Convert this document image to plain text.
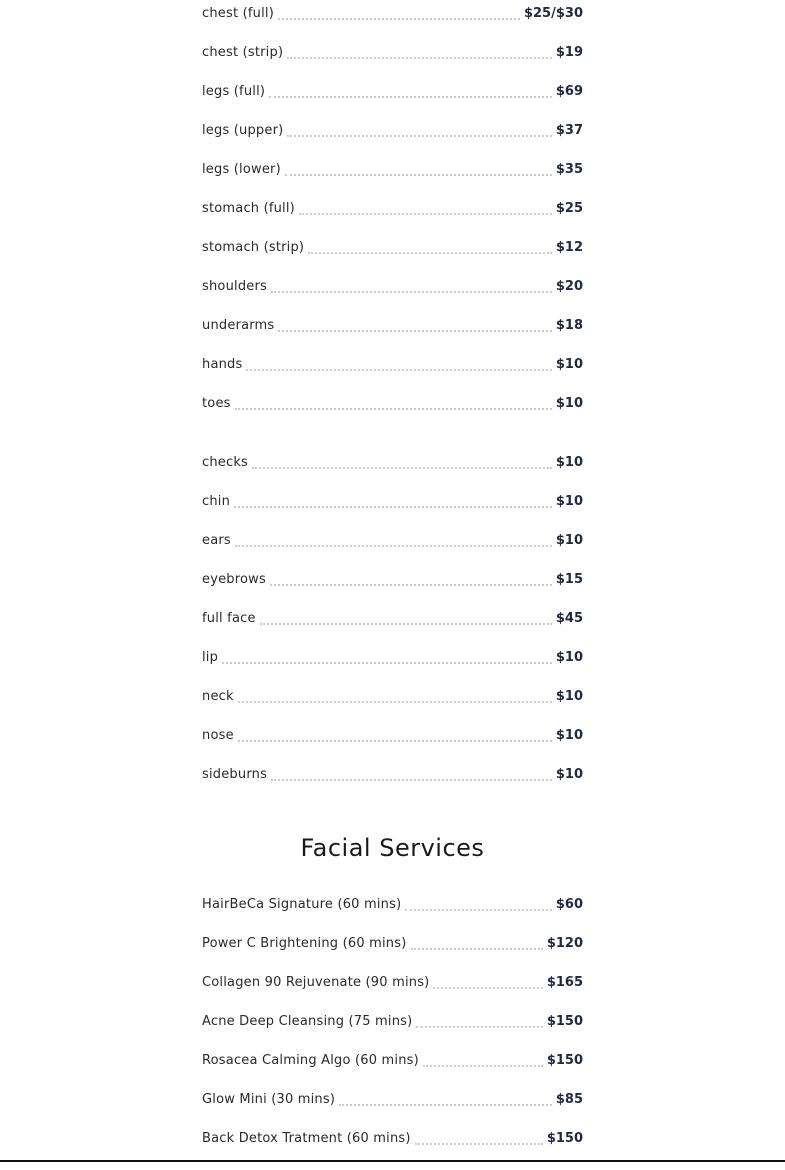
chest (full)	$25/$30
chest (strip)	$19
legs (full)	$69
legs (upper)	$37
legs (lower)	$35
stomach (full)	$25
stomach (strip)	$12
shoulders	$20
underarms	$18
hands	$10
toes	$10
checks	$10
chin	$10
ears	$10
eyebrows	$15
full face	$45
lip	$10
neck	$10
nose	$10
sideburns	$10
Facial Services
HairBeCa Signature (60 mins)	$60
Power C Brightening (60 mins)	$120
Collagen 90 Rejuvenate (90 mins)	$165
Acne Deep Cleansing (75 mins)	$150
Rosacea Calming Algo (60 mins)	$150
Glow Mini (30 mins)	$85
Back Detox Tratment (60 mins)	$150
